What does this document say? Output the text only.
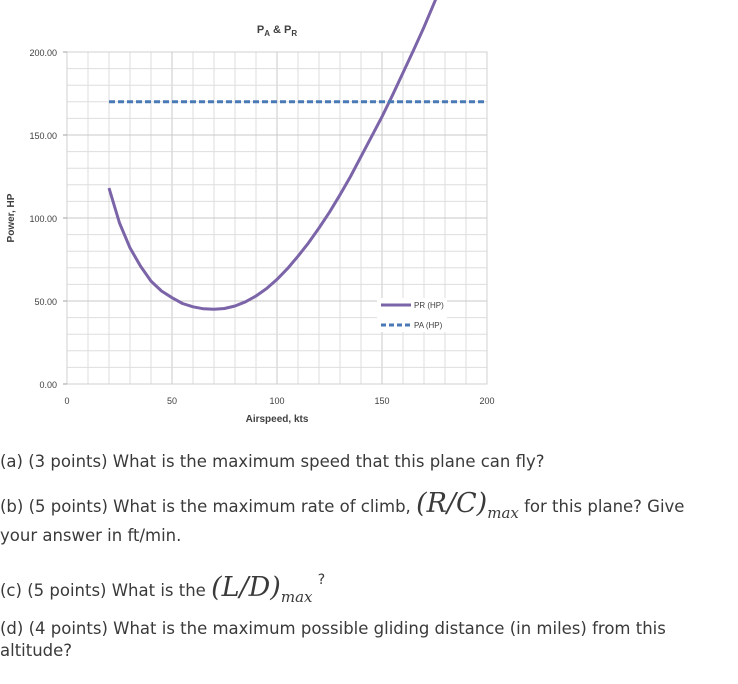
0.00
50.00
100.00
150.00
200.00
0	50	100	150	200
$P_A$ & $P_R$
Airspeed, kts
Power, HP
PR (HP)
PA (HP)
(a) (3 points) What is the maximum speed that this plane can fly?
(b) (5 points) What is the maximum rate of climb, $(R/C)_{max}$ for this plane? Give
your answer in ft/min.
(c) (5 points) What is the $(L/D)_{max}$ ?
(d) (4 points) What is the maximum possible gliding distance (in miles) from this
altitude?
